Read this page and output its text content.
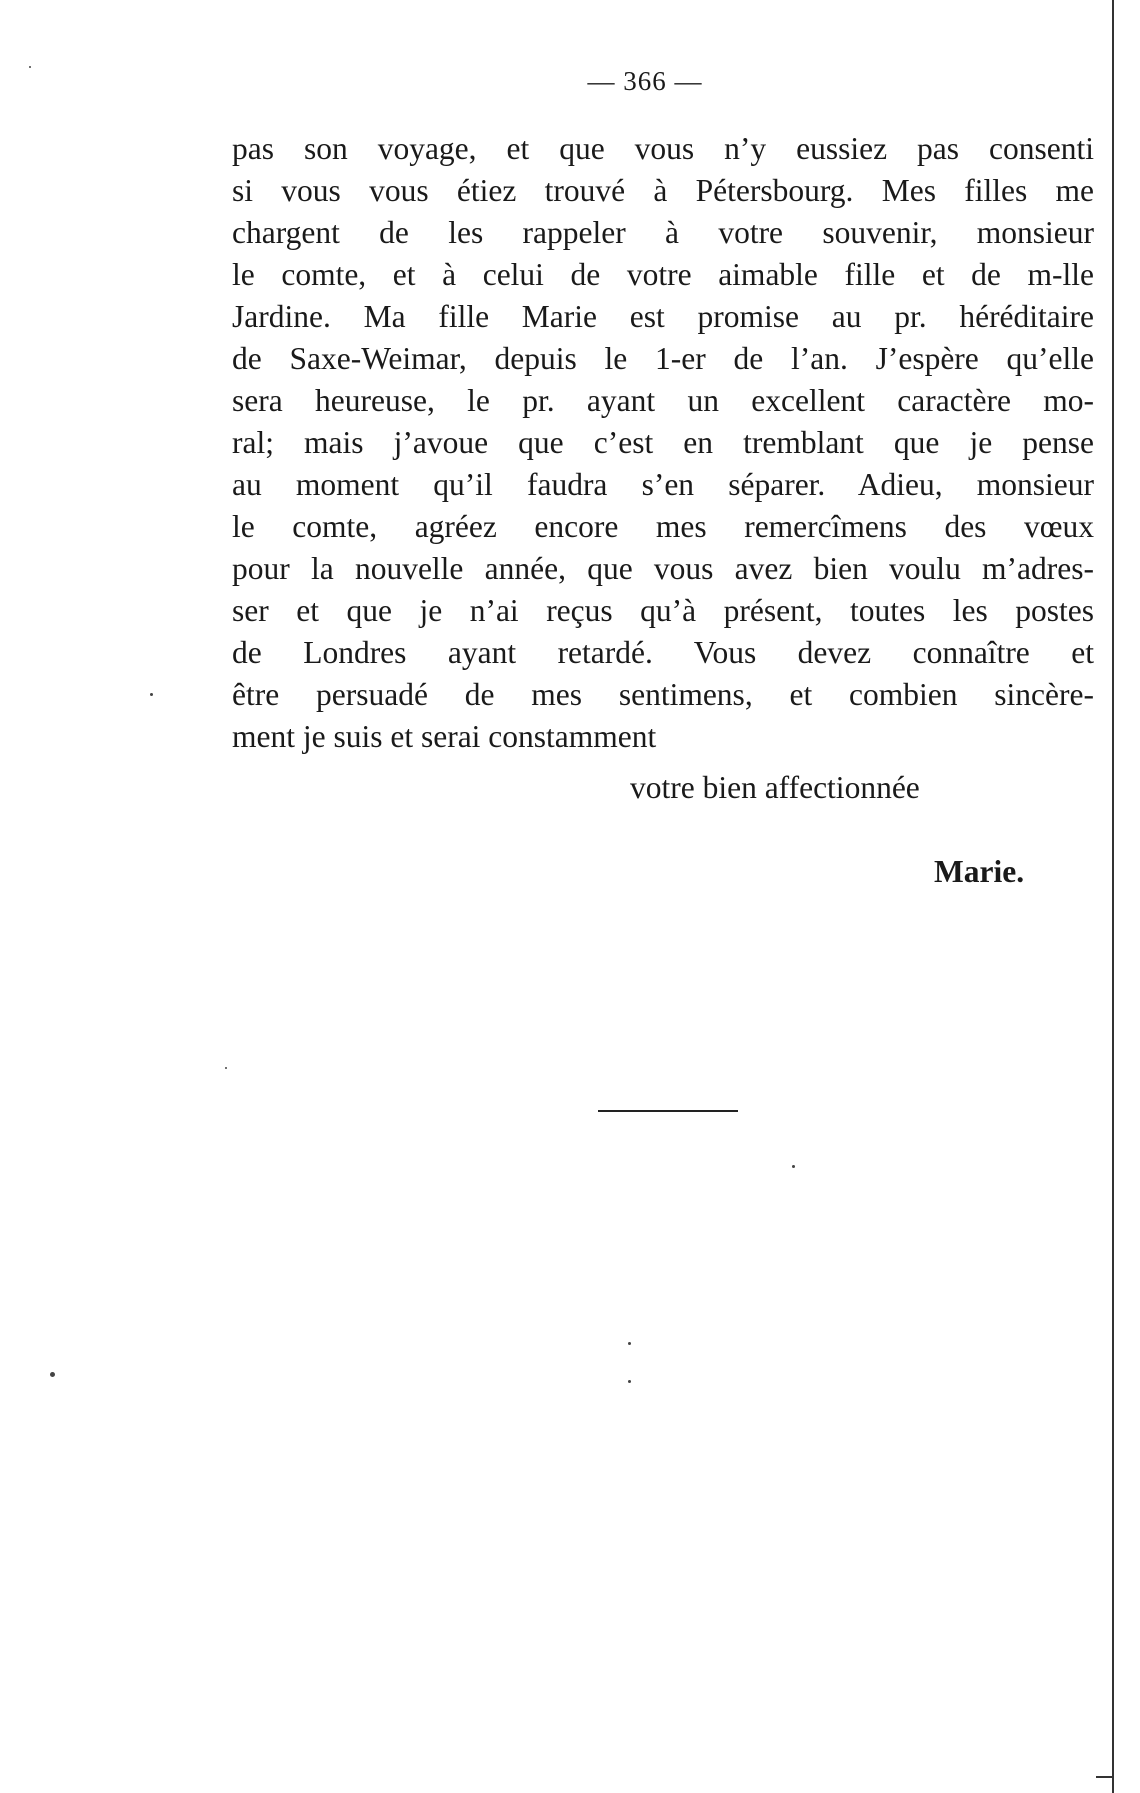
— 366 —
pas son voyage, et que vous n’y eussiez pas consenti
si vous vous étiez trouvé à Pétersbourg. Mes filles me
chargent de les rappeler à votre souvenir, monsieur
le comte, et à celui de votre aimable fille et de m-lle
Jardine. Ma fille Marie est promise au pr. héréditaire
de Saxe-Weimar, depuis le 1-er de l’an. J’espère qu’elle
sera heureuse, le pr. ayant un excellent caractère mo-
ral; mais j’avoue que c’est en tremblant que je pense
au moment qu’il faudra s’en séparer. Adieu, monsieur
le comte, agréez encore mes remercîmens des vœux
pour la nouvelle année, que vous avez bien voulu m’adres-
ser et que je n’ai reçus qu’à présent, toutes les postes
de Londres ayant retardé. Vous devez connaître et
être persuadé de mes sentimens, et combien sincère-
ment je suis et serai constamment
votre bien affectionnée
Marie.
